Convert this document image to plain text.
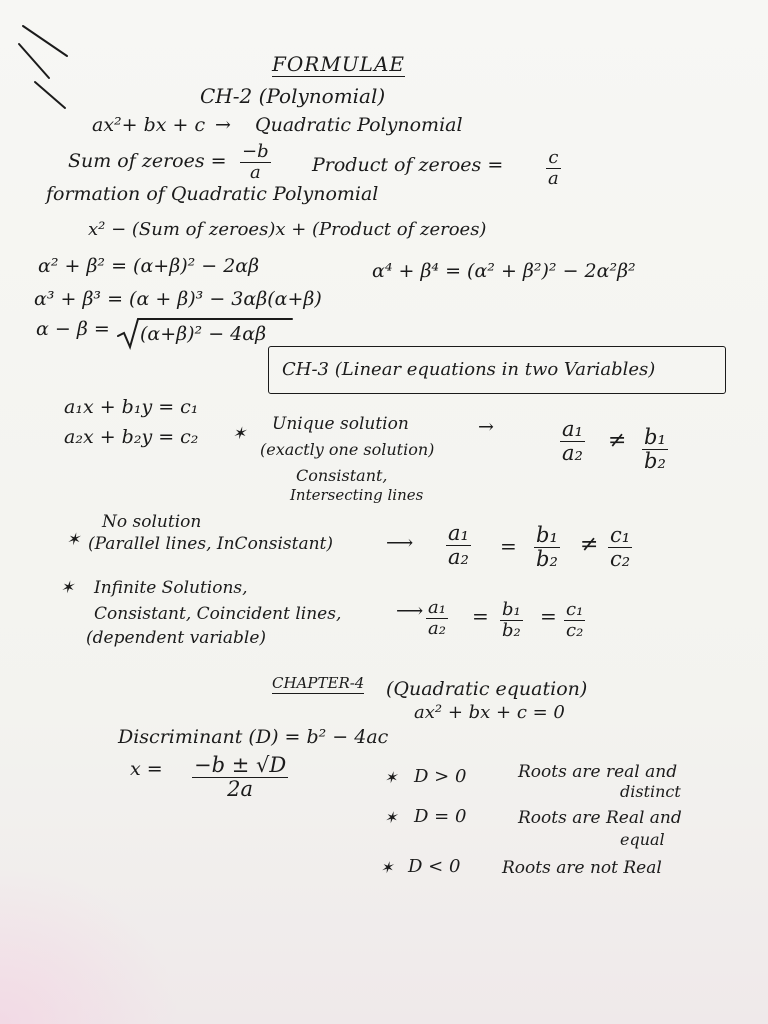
FORMULAE
CH-2 (Polynomial)
ax²+ bx + c → Quadratic Polynomial
Sum of zeroes = $\frac{-b}{a}$ Product of zeroes = $\frac{c}{a}$
formation of Quadratic Polynomial
x² − (Sum of zeroes)x + (Product of zeroes)
α² + β² = (α+β)² − 2αβ	α⁴ + β⁴ = (α² + β²)² − 2α²β²
α³ + β³ = (α + β)³ − 3αβ(α+β)
α − β = (α+β)² − 4αβ
CH-3 (Linear equations in two Variables)
a₁x + b₁y = c₁
a₂x + b₂y = c₂ ✶ Unique solution
(exactly one solution)
Consistant,
Intersecting lines
→	$\frac{\text{a₁}}{\text{a₂}} \ne \frac{\text{b₁}}{\text{b₂}}$
No solution
✶ (Parallel lines, InConsistant)	⟶ $\frac{\text{a₁}}{\text{a₂}} = \frac{\text{b₁}}{\text{b₂}} \ne \frac{\text{c₁}}{\text{c₂}}$
✶ Infinite Solutions,
Consistant, Coincident lines,	⟶
(dependent variable)	$\frac{\text{a₁}}{\text{a₂}} = \frac{\text{b₁}}{\text{b₂}} = \frac{\text{c₁}}{\text{c₂}}$
CHAPTER-4 (Quadratic equation)
ax² + bx + c = 0
Discriminant (D) = b² − 4ac
$x = \frac{-b \pm √D}{2a}$	✶ D > 0	Roots are real and
distinct
✶ D = 0	Roots are Real and
equal
✶ D < 0 Roots are not Real
